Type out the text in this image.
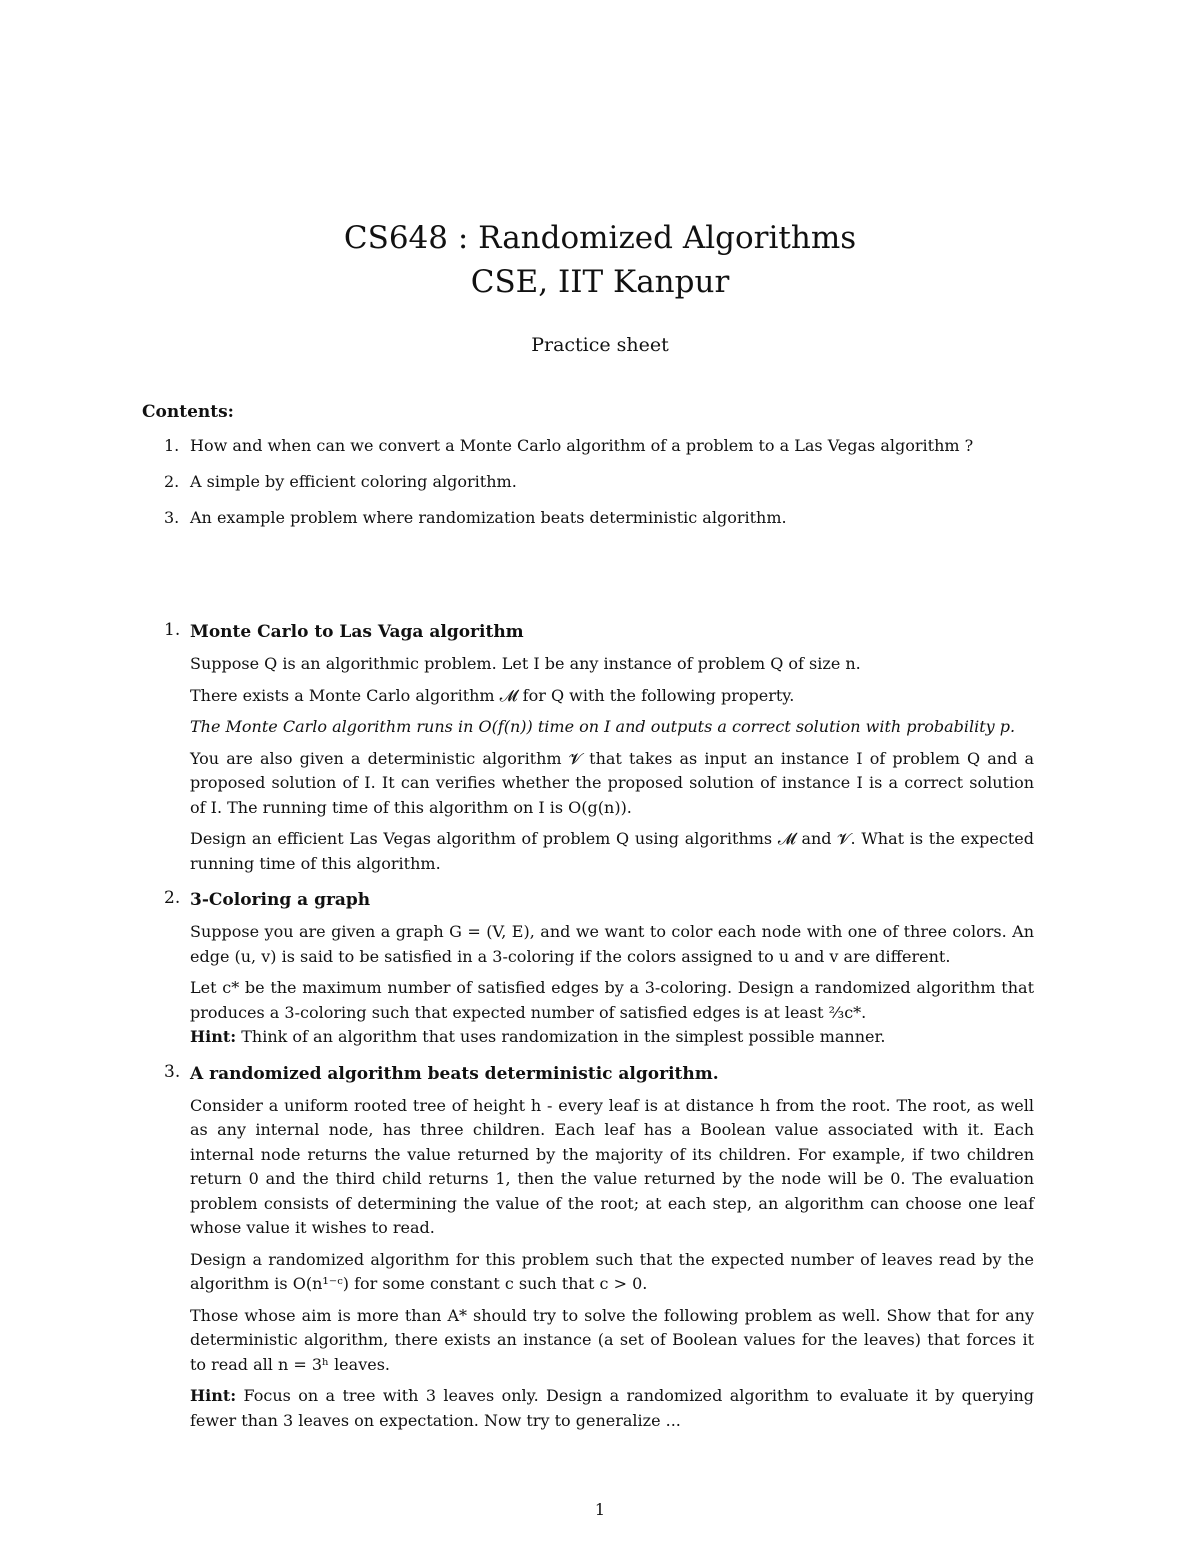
CS648 : Randomized Algorithms
CSE, IIT Kanpur
Practice sheet
Contents:
1. How and when can we convert a Monte Carlo algorithm of a problem to a Las Vegas algorithm ?
2. A simple by efficient coloring algorithm.
3. An example problem where randomization beats deterministic algorithm.
1. Monte Carlo to Las Vaga algorithm

Suppose Q is an algorithmic problem. Let I be any instance of problem Q of size n.

There exists a Monte Carlo algorithm 𝓜 for Q with the following property.

The Monte Carlo algorithm runs in O(f(n)) time on I and outputs a correct solution with probability p.

You are also given a deterministic algorithm 𝓥 that takes as input an instance I of problem Q and a proposed solution of I. It can verifies whether the proposed solution of instance I is a correct solution of I. The running time of this algorithm on I is O(g(n)).

Design an efficient Las Vegas algorithm of problem Q using algorithms 𝓜 and 𝓥. What is the expected running time of this algorithm.

2. 3-Coloring a graph

Suppose you are given a graph G = (V, E), and we want to color each node with one of three colors. An edge (u, v) is said to be satisfied in a 3-coloring if the colors assigned to u and v are different.

Let c* be the maximum number of satisfied edges by a 3-coloring. Design a randomized algorithm that produces a 3-coloring such that expected number of satisfied edges is at least ⅔c*.

Hint: Think of an algorithm that uses randomization in the simplest possible manner.

3. A randomized algorithm beats deterministic algorithm.

Consider a uniform rooted tree of height h - every leaf is at distance h from the root. The root, as well as any internal node, has three children. Each leaf has a Boolean value associated with it. Each internal node returns the value returned by the majority of its children. For example, if two children return 0 and the third child returns 1, then the value returned by the node will be 0. The evaluation problem consists of determining the value of the root; at each step, an algorithm can choose one leaf whose value it wishes to read.

Design a randomized algorithm for this problem such that the expected number of leaves read by the algorithm is O(n¹⁻ᶜ) for some constant c such that c > 0.

Those whose aim is more than A* should try to solve the following problem as well. Show that for any deterministic algorithm, there exists an instance (a set of Boolean values for the leaves) that forces it to read all n = 3ʰ leaves.

Hint: Focus on a tree with 3 leaves only. Design a randomized algorithm to evaluate it by querying fewer than 3 leaves on expectation. Now try to generalize ...

1
